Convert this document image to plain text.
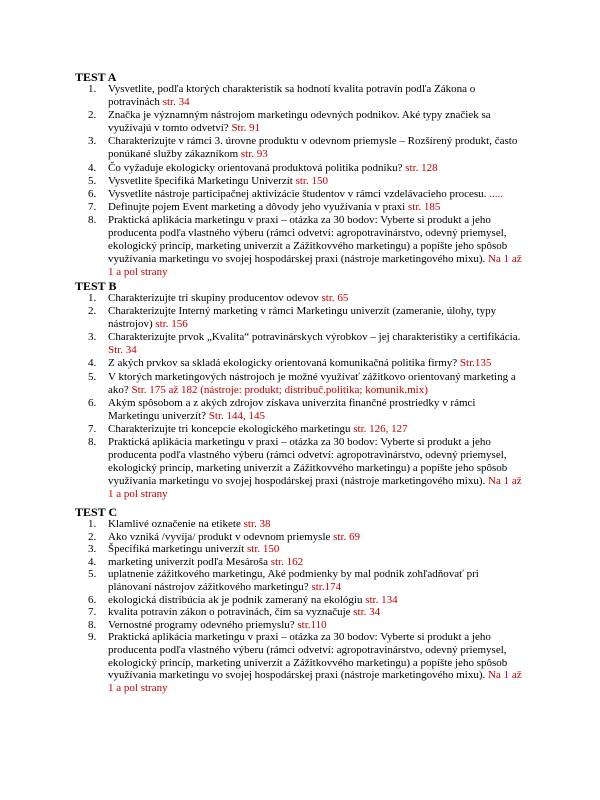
TEST A
1. Vysvetlite, podľa ktorých charakteristík sa hodnotí kvalita potravín podľa Zákona o potravinách str. 34
2. Značka je významným nástrojom marketingu odevných podnikov. Aké typy značiek sa využívajú v tomto odvetví? Str. 91
3. Charakterizujte v rámci 3. úrovne produktu v odevnom priemysle – Rozšírený produkt, často ponúkané služby zákazníkom str. 93
4. Čo vyžaduje ekologicky orientovaná produktová politika podniku? str. 128
5. Vysvetlite špecifiká Marketingu Univerzít str. 150
6. Vysvetlite nástroje participačnej aktivizácie študentov v rámci vzdelávacieho procesu. .....
7. Definujte pojem Event marketing a dôvody jeho využívania v praxi str. 185
8. Praktická aplikácia marketingu v praxi – otázka za 30 bodov: Vyberte si produkt a jeho producenta podľa vlastného výberu (rámci odvetví: agropotravinárstvo, odevný priemysel, ekologický princíp, marketing univerzít a Zážitkovvého marketingu) a popíšte jeho spôsob využívania marketingu vo svojej hospodárskej praxi (nástroje marketingového mixu). Na 1 až 1 a pol strany
TEST B
1. Charakterizujte tri skupiny producentov odevov str. 65
2. Charakterizujte Interný marketing v rámci Marketingu univerzít (zameranie, úlohy, typy nástrojov) str. 156
3. Charakterizujte prvok „Kvalita“ potravinárskych výrobkov – jej charakteristiky a certifikácia. Str. 34
4. Z akých prvkov sa skladá ekologicky orientovaná komunikačná politika firmy? Str.135
5. V ktorých marketingových nástrojoch je možné využívať zážitkovo orientovaný marketing a ako? Str. 175 až 182 (nástroje: produkt; distribuč.politika; komunik.mix)
6. Akým spôsobom a z akých zdrojov získava univerzita finančné prostriedky v rámci Marketingu univerzít? Str. 144, 145
7. Charakterizujte tri koncepcie ekologického marketingu str. 126, 127
8. Praktická aplikácia marketingu v praxi – otázka za 30 bodov: Vyberte si produkt a jeho producenta podľa vlastného výberu (rámci odvetví: agropotravinárstvo, odevný priemysel, ekologický princíp, marketing univerzít a Zážitkovvého marketingu) a popíšte jeho spôsob využívania marketingu vo svojej hospodárskej praxi (nástroje marketingového mixu). Na 1 až 1 a pol strany
TEST C
1. Klamlivé označenie na etikete str. 38
2. Ako vzniká /vyvíja/ produkt v odevnom priemysle str. 69
3. Špecifiká marketingu univerzít str. 150
4. marketing univerzít podľa Mesároša str. 162
5. uplatnenie zážitkového marketingu, Aké podmienky by mal podnik zohľadňovať pri plánovaní nástrojov zážitkového marketingu? str.174
6. ekologická distribúcia ak je podnik zameraný na ekológiu str. 134
7. kvalita potravín zákon o potravinách, čím sa vyznačuje str. 34
8. Vernostné programy odevného priemyslu? str.110
9. Praktická aplikácia marketingu v praxi – otázka za 30 bodov: Vyberte si produkt a jeho producenta podľa vlastného výberu (rámci odvetví: agropotravinárstvo, odevný priemysel, ekologický princíp, marketing univerzít a Zážitkovvého marketingu) a popíšte jeho spôsob využívania marketingu vo svojej hospodárskej praxi (nástroje marketingového mixu). Na 1 až 1 a pol strany
